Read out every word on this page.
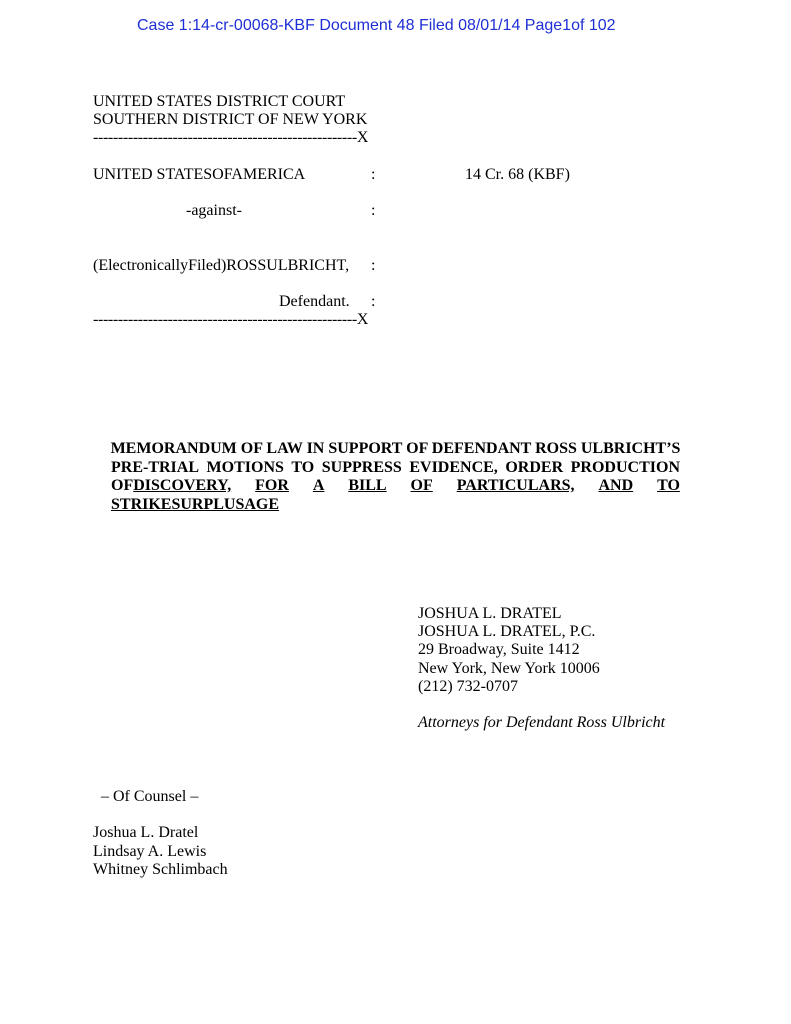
Case 1:14-cr-00068-KBF Document 48 Filed 08/01/14 Page1of 102
UNITED STATES DISTRICT COURT
SOUTHERN DISTRICT OF NEW YORK
-----------------------------------------------------X
UNITED STATESOFAMERICA	:	14 Cr. 68 (KBF)
-against-	:
(ElectronicallyFiled)ROSSULBRICHT, :
Defendant. :
-----------------------------------------------------X
MEMORANDUM OF LAW IN SUPPORT OF DEFENDANT ROSS ULBRICHT’S
PRE-TRIAL MOTIONS TO SUPPRESS EVIDENCE, ORDER PRODUCTION
OFDISCOVERY, FOR A BILL OF PARTICULARS, AND TO
STRIKESURPLUSAGE
JOSHUA L. DRATEL
JOSHUA L. DRATEL, P.C.
29 Broadway, Suite 1412
New York, New York 10006
(212) 732-0707
Attorneys for Defendant Ross Ulbricht
– Of Counsel –
Joshua L. Dratel
Lindsay A. Lewis
Whitney Schlimbach
